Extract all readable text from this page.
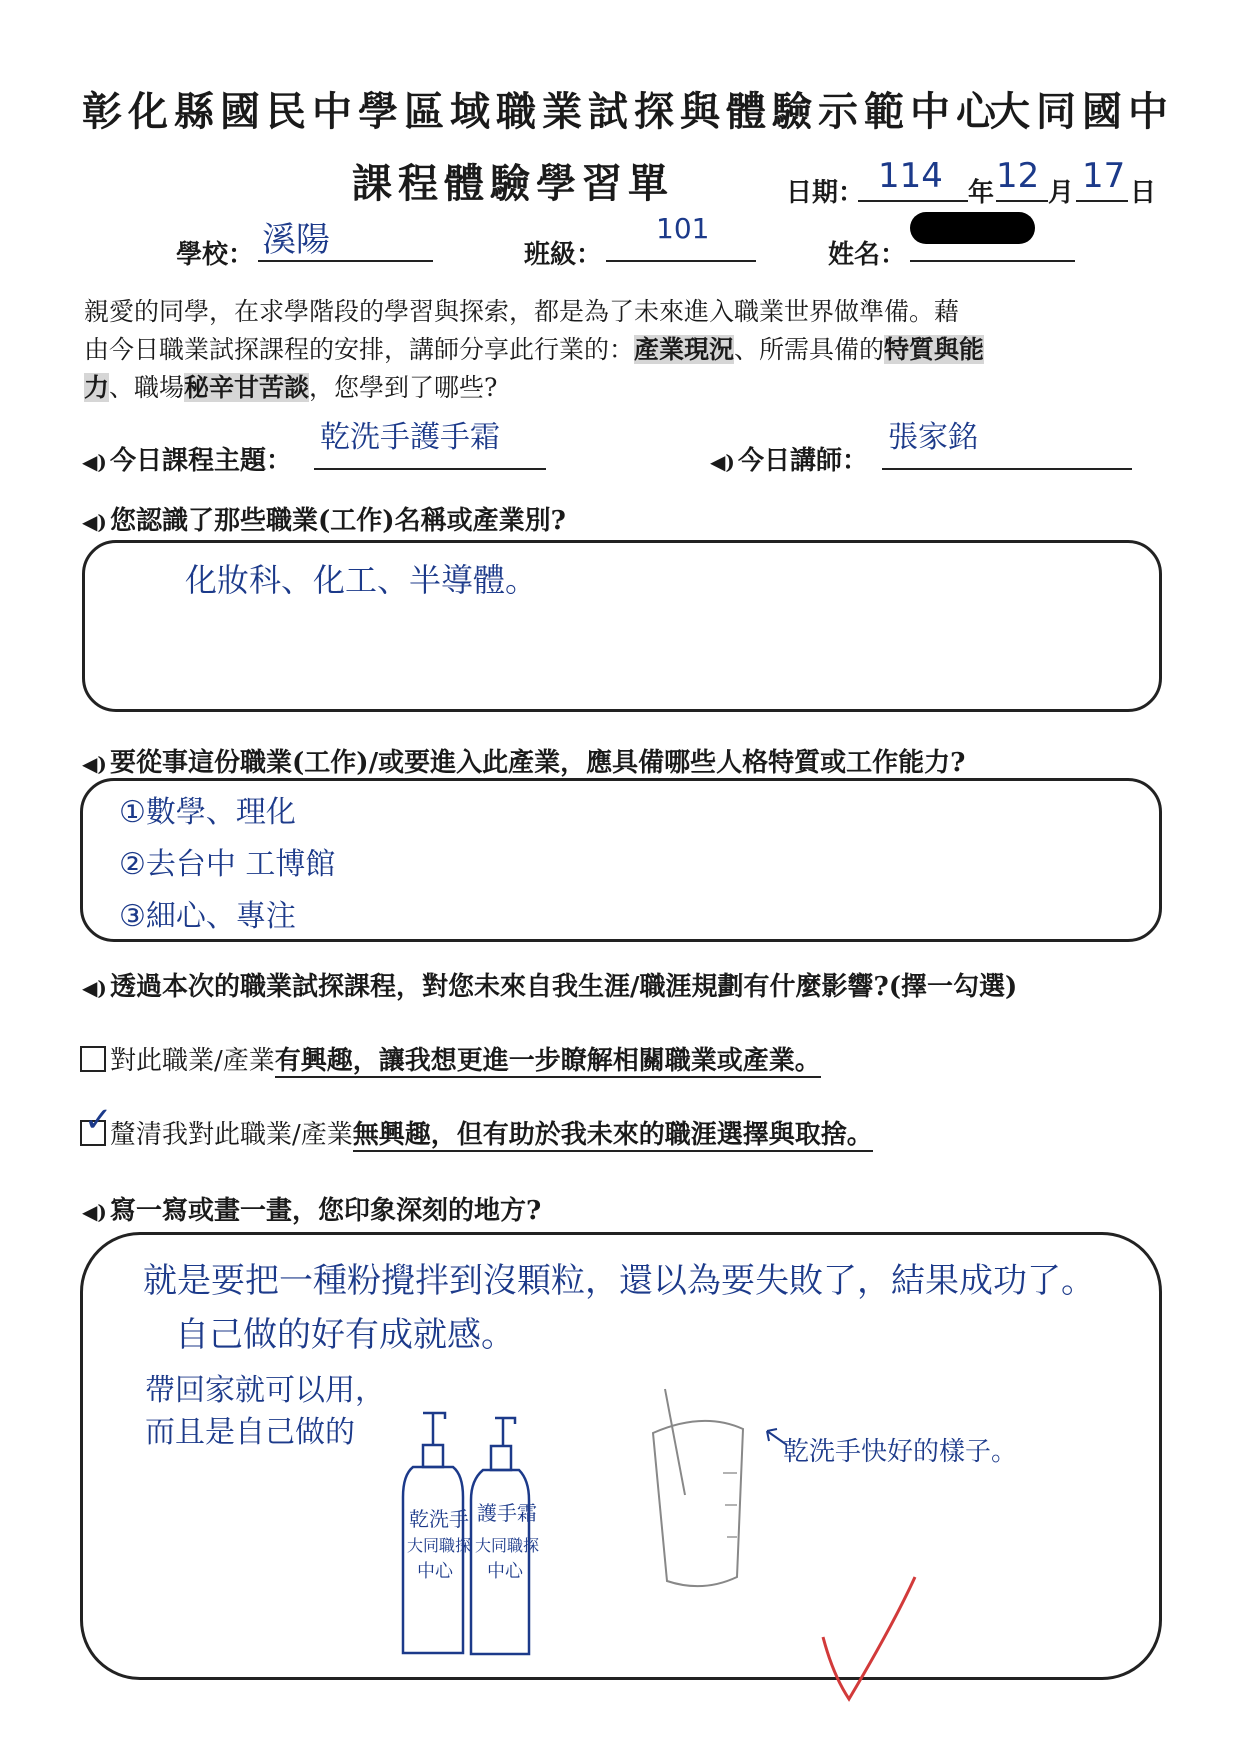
彰化縣國民中學區域職業試探與體驗示範中心
大同國中
課程體驗學習單	日期： 114 年 12 月 17 日
學校： 溪陽	班級：
101
姓名：
親愛的同學，在求學階段的學習與探索，都是為了未來進入職業世界做準備。藉
由今日職業試探課程的安排，講師分享此行業的：產業現況、所需具備的特質與能
力、職場秘辛甘苦談，您學到了哪些?
◀) 今日課程主題：
乾洗手護手霜
◀) 今日講師：
張家銘
◀) 您認識了那些職業(工作)名稱或產業別?
化妝科、化工、半導體。
◀) 要從事這份職業(工作)/或要進入此產業，應具備哪些人格特質或工作能力?
①數學、理化
②去台中 工博館
③細心、專注
◀) 透過本次的職業試探課程，對您未來自我生涯/職涯規劃有什麼影響?(擇一勾選)
對此職業/產業有興趣，讓我想更進一步瞭解相關職業或產業。
✓
釐清我對此職業/產業無興趣，但有助於我未來的職涯選擇與取捨。
◀) 寫一寫或畫一畫，您印象深刻的地方?
就是要把一種粉攪拌到沒顆粒，還以為要失敗了，結果成功了。
自己做的好有成就感。
帶回家就可以用，
而且是自己做的
乾洗手
大同職探
中心
護手霜
大同職探
中心
乾洗手快好的樣子。
